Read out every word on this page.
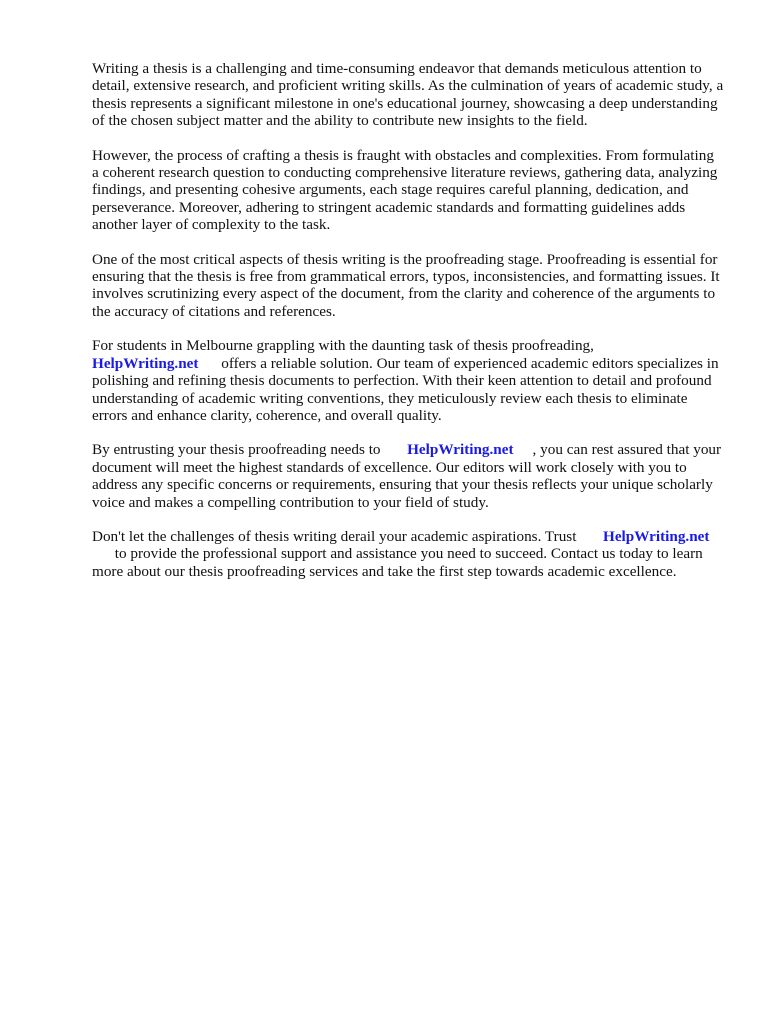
Writing a thesis is a challenging and time-consuming endeavor that demands meticulous attention to detail, extensive research, and proficient writing skills. As the culmination of years of academic study, a thesis represents a significant milestone in one's educational journey, showcasing a deep understanding of the chosen subject matter and the ability to contribute new insights to the field.

However, the process of crafting a thesis is fraught with obstacles and complexities. From formulating a coherent research question to conducting comprehensive literature reviews, gathering data, analyzing findings, and presenting cohesive arguments, each stage requires careful planning, dedication, and perseverance. Moreover, adhering to stringent academic standards and formatting guidelines adds another layer of complexity to the task.

One of the most critical aspects of thesis writing is the proofreading stage. Proofreading is essential for ensuring that the thesis is free from grammatical errors, typos, inconsistencies, and formatting issues. It involves scrutinizing every aspect of the document, from the clarity and coherence of the arguments to the accuracy of citations and references.

For students in Melbourne grappling with the daunting task of thesis proofreading,
HelpWriting.net      offers a reliable solution. Our team of experienced academic editors specializes in polishing and refining thesis documents to perfection. With their keen attention to detail and profound understanding of academic writing conventions, they meticulously review each thesis to eliminate errors and enhance clarity, coherence, and overall quality.

By entrusting your thesis proofreading needs to       HelpWriting.net     , you can rest assured that your document will meet the highest standards of excellence. Our editors will work closely with you to address any specific concerns or requirements, ensuring that your thesis reflects your unique scholarly voice and makes a compelling contribution to your field of study.

Don't let the challenges of thesis writing derail your academic aspirations. Trust       HelpWriting.net
to provide the professional support and assistance you need to succeed. Contact us today to learn more about our thesis proofreading services and take the first step towards academic excellence.
